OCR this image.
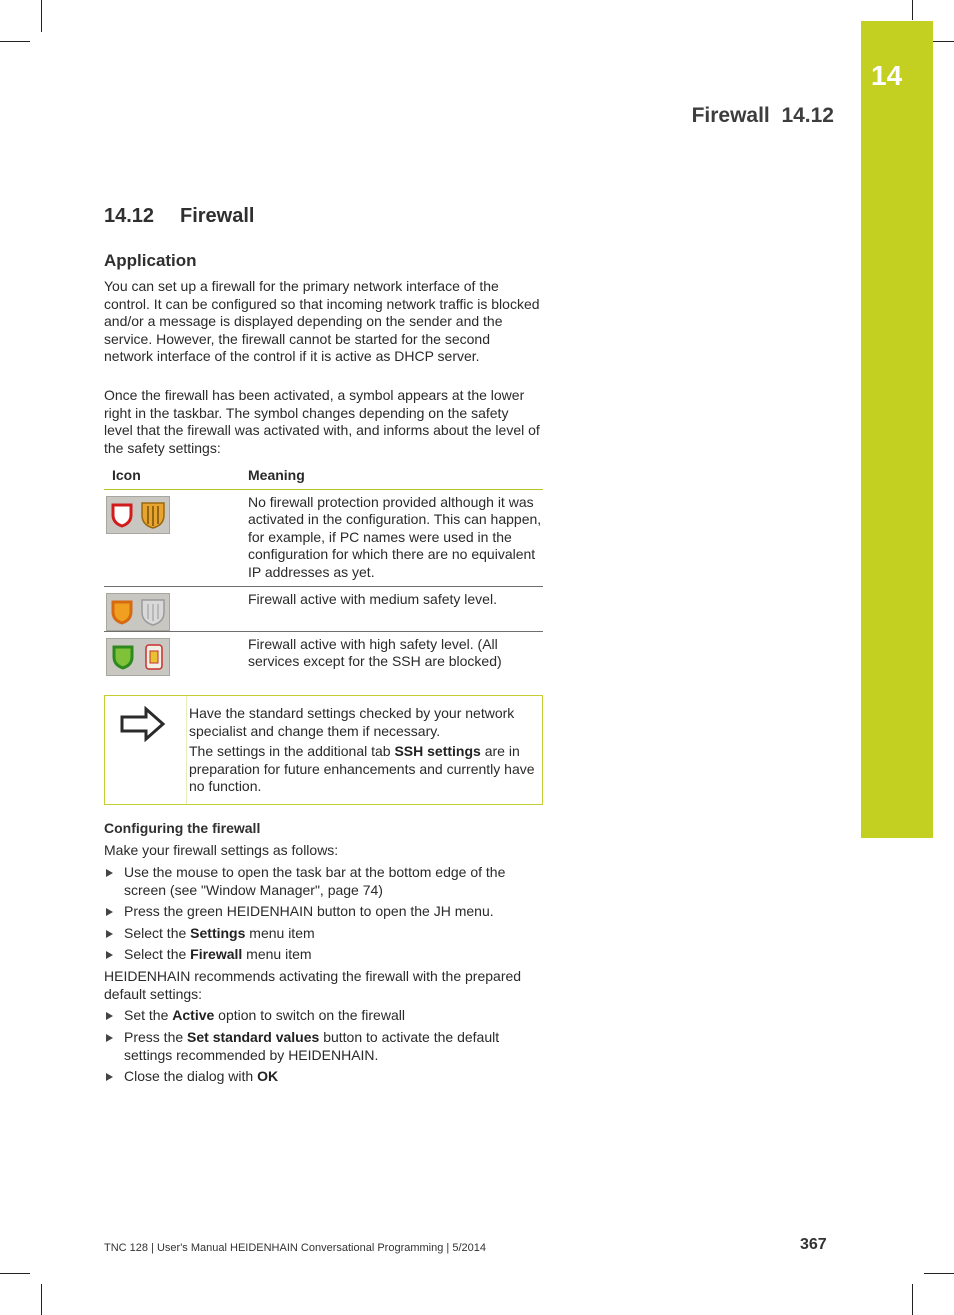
14
Firewall 14.12
14.12 Firewall
Application

You can set up a firewall for the primary network interface of the control. It can be configured so that incoming network traffic is blocked and/or a message is displayed depending on the sender and the service. However, the firewall cannot be started for the second network interface of the control if it is active as DHCP server.

Once the firewall has been activated, a symbol appears at the lower right in the taskbar. The symbol changes depending on the safety level that the firewall was activated with, and informs about the level of the safety settings:

Icon	Meaning

	No firewall protection provided although it was activated in the configuration. This can happen, for example, if PC names were used in the configuration for which there are no equivalent IP addresses as yet.

	Firewall active with medium safety level.

	Firewall active with high safety level. (All services except for the SSH are blocked)

Have the standard settings checked by your network specialist and change them if necessary.

The settings in the additional tab SSH settings are in preparation for future enhancements and currently have no function.

Configuring the firewall

Make your firewall settings as follows:

Use the mouse to open the task bar at the bottom edge of the screen (see "Window Manager", page 74)
Press the green HEIDENHAIN button to open the JH menu.
Select the Settings menu item
Select the Firewall menu item

HEIDENHAIN recommends activating the firewall with the prepared default settings:

Set the Active option to switch on the firewall
Press the Set standard values button to activate the default settings recommended by HEIDENHAIN.
Close the dialog with OK
TNC 128 | User's Manual HEIDENHAIN Conversational Programming | 5/2014	367
